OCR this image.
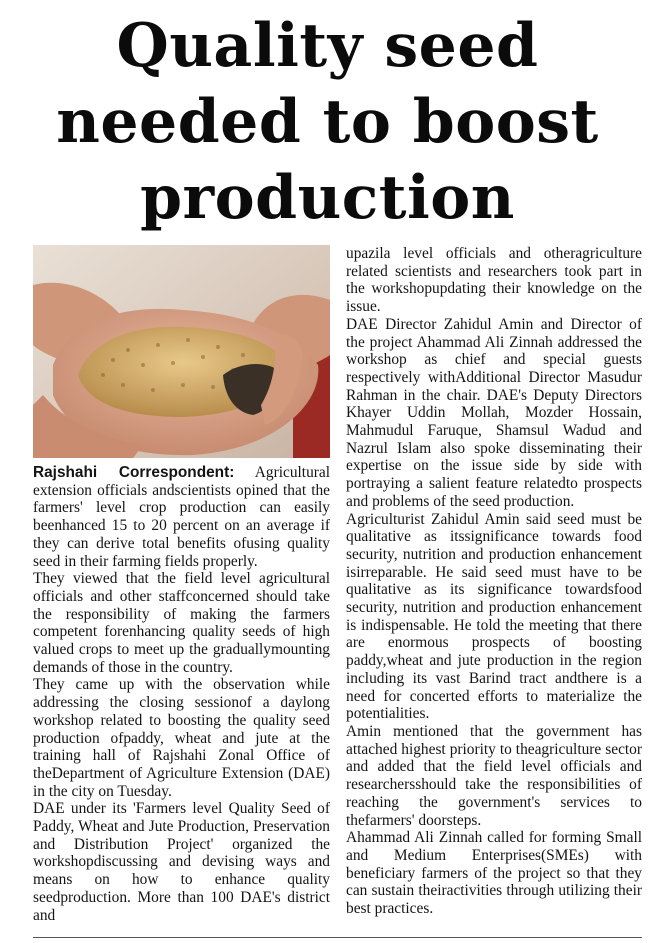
Quality seed
needed to boost
production

Rajshahi Correspondent: Agricultural extension officials andscientists opined that the farmers' level crop production can easily beenhanced 15 to 20 percent on an average if they can derive total benefits ofusing quality seed in their farming fields properly.

They viewed that the field level agricultural officials and other staffconcerned should take the responsibility of making the farmers competent forenhancing quality seeds of high valued crops to meet up the graduallymounting demands of those in the country.

They came up with the observation while addressing the closing sessionof a daylong workshop related to boosting the quality seed production ofpaddy, wheat and jute at the training hall of Rajshahi Zonal Office of theDepartment of Agriculture Extension (DAE) in the city on Tuesday.

DAE under its 'Farmers level Quality Seed of Paddy, Wheat and Jute Production, Preservation and Distribution Project' organized the workshopdiscussing and devising ways and means on how to enhance quality seedproduction. More than 100 DAE's district and

upazila level officials and otheragriculture related scientists and researchers took part in the workshopupdating their knowledge on the issue.

DAE Director Zahidul Amin and Director of the project Ahammad Ali Zinnah addressed the workshop as chief and special guests respectively withAdditional Director Masudur Rahman in the chair. DAE's Deputy Directors Khayer Uddin Mollah, Mozder Hossain, Mahmudul Faruque, Shamsul Wadud and Nazrul Islam also spoke disseminating their expertise on the issue side by side with portraying a salient feature relatedto prospects and problems of the seed production.

Agriculturist Zahidul Amin said seed must be qualitative as itssignificance towards food security, nutrition and production enhancement isirreparable. He said seed must have to be qualitative as its significance towardsfood security, nutrition and production enhancement is indispensable. He told the meeting that there are enormous prospects of boosting paddy,wheat and jute production in the region including its vast Barind tract andthere is a need for concerted efforts to materialize the potentialities.

Amin mentioned that the government has attached highest priority to theagriculture sector and added that the field level officials and researchersshould take the responsibilities of reaching the government's services to thefarmers' doorsteps.

Ahammad Ali Zinnah called for forming Small and Medium Enterprises(SMEs) with beneficiary farmers of the project so that they can sustain theiractivities through utilizing their best practices.
